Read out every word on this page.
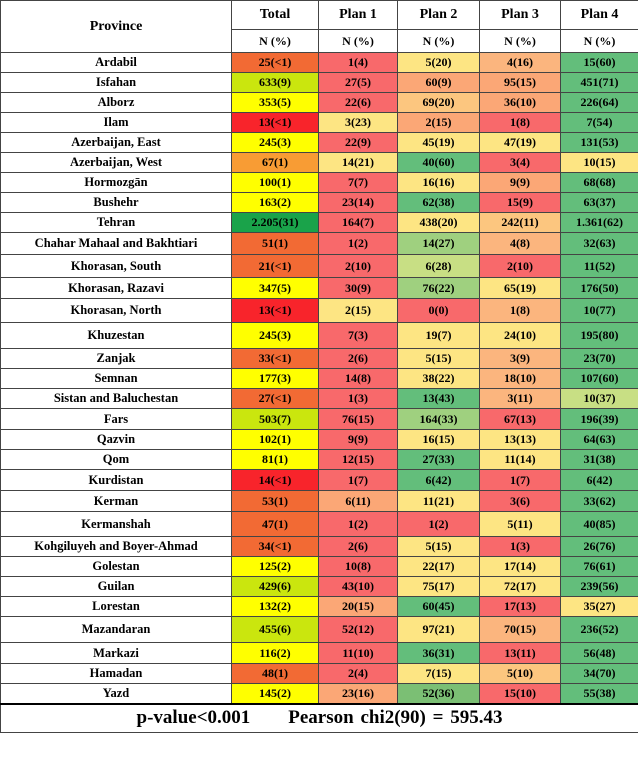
Province	Total	Plan 1	Plan 2	Plan 3	Plan 4
	N (%)	N (%)	N (%)	N (%)	N (%)
Ardabil	25(<1)	1(4)	5(20)	4(16)	15(60)
Isfahan	633(9)	27(5)	60(9)	95(15)	451(71)
Alborz	353(5)	22(6)	69(20)	36(10)	226(64)
Ilam	13(<1)	3(23)	2(15)	1(8)	7(54)
Azerbaijan, East	245(3)	22(9)	45(19)	47(19)	131(53)
Azerbaijan, West	67(1)	14(21)	40(60)	3(4)	10(15)
Hormozgān	100(1)	7(7)	16(16)	9(9)	68(68)
Bushehr	163(2)	23(14)	62(38)	15(9)	63(37)
Tehran	2.205(31)	164(7)	438(20)	242(11)	1.361(62)
Chahar Mahaal and Bakhtiari	51(1)	1(2)	14(27)	4(8)	32(63)
Khorasan, South	21(<1)	2(10)	6(28)	2(10)	11(52)
Khorasan, Razavi	347(5)	30(9)	76(22)	65(19)	176(50)
Khorasan, North	13(<1)	2(15)	0(0)	1(8)	10(77)
Khuzestan	245(3)	7(3)	19(7)	24(10)	195(80)
Zanjak	33(<1)	2(6)	5(15)	3(9)	23(70)
Semnan	177(3)	14(8)	38(22)	18(10)	107(60)
Sistan and Baluchestan	27(<1)	1(3)	13(43)	3(11)	10(37)
Fars	503(7)	76(15)	164(33)	67(13)	196(39)
Qazvin	102(1)	9(9)	16(15)	13(13)	64(63)
Qom	81(1)	12(15)	27(33)	11(14)	31(38)
Kurdistan	14(<1)	1(7)	6(42)	1(7)	6(42)
Kerman	53(1)	6(11)	11(21)	3(6)	33(62)
Kermanshah	47(1)	1(2)	1(2)	5(11)	40(85)
Kohgiluyeh and Boyer-Ahmad	34(<1)	2(6)	5(15)	1(3)	26(76)
Golestan	125(2)	10(8)	22(17)	17(14)	76(61)
Guilan	429(6)	43(10)	75(17)	72(17)	239(56)
Lorestan	132(2)	20(15)	60(45)	17(13)	35(27)
Mazandaran	455(6)	52(12)	97(21)	70(15)	236(52)
Markazi	116(2)	11(10)	36(31)	13(11)	56(48)
Hamadan	48(1)	2(4)	7(15)	5(10)	34(70)
Yazd	145(2)	23(16)	52(36)	15(10)	55(38)
p-value<0.001 Pearson chi2(90) = 595.43					
